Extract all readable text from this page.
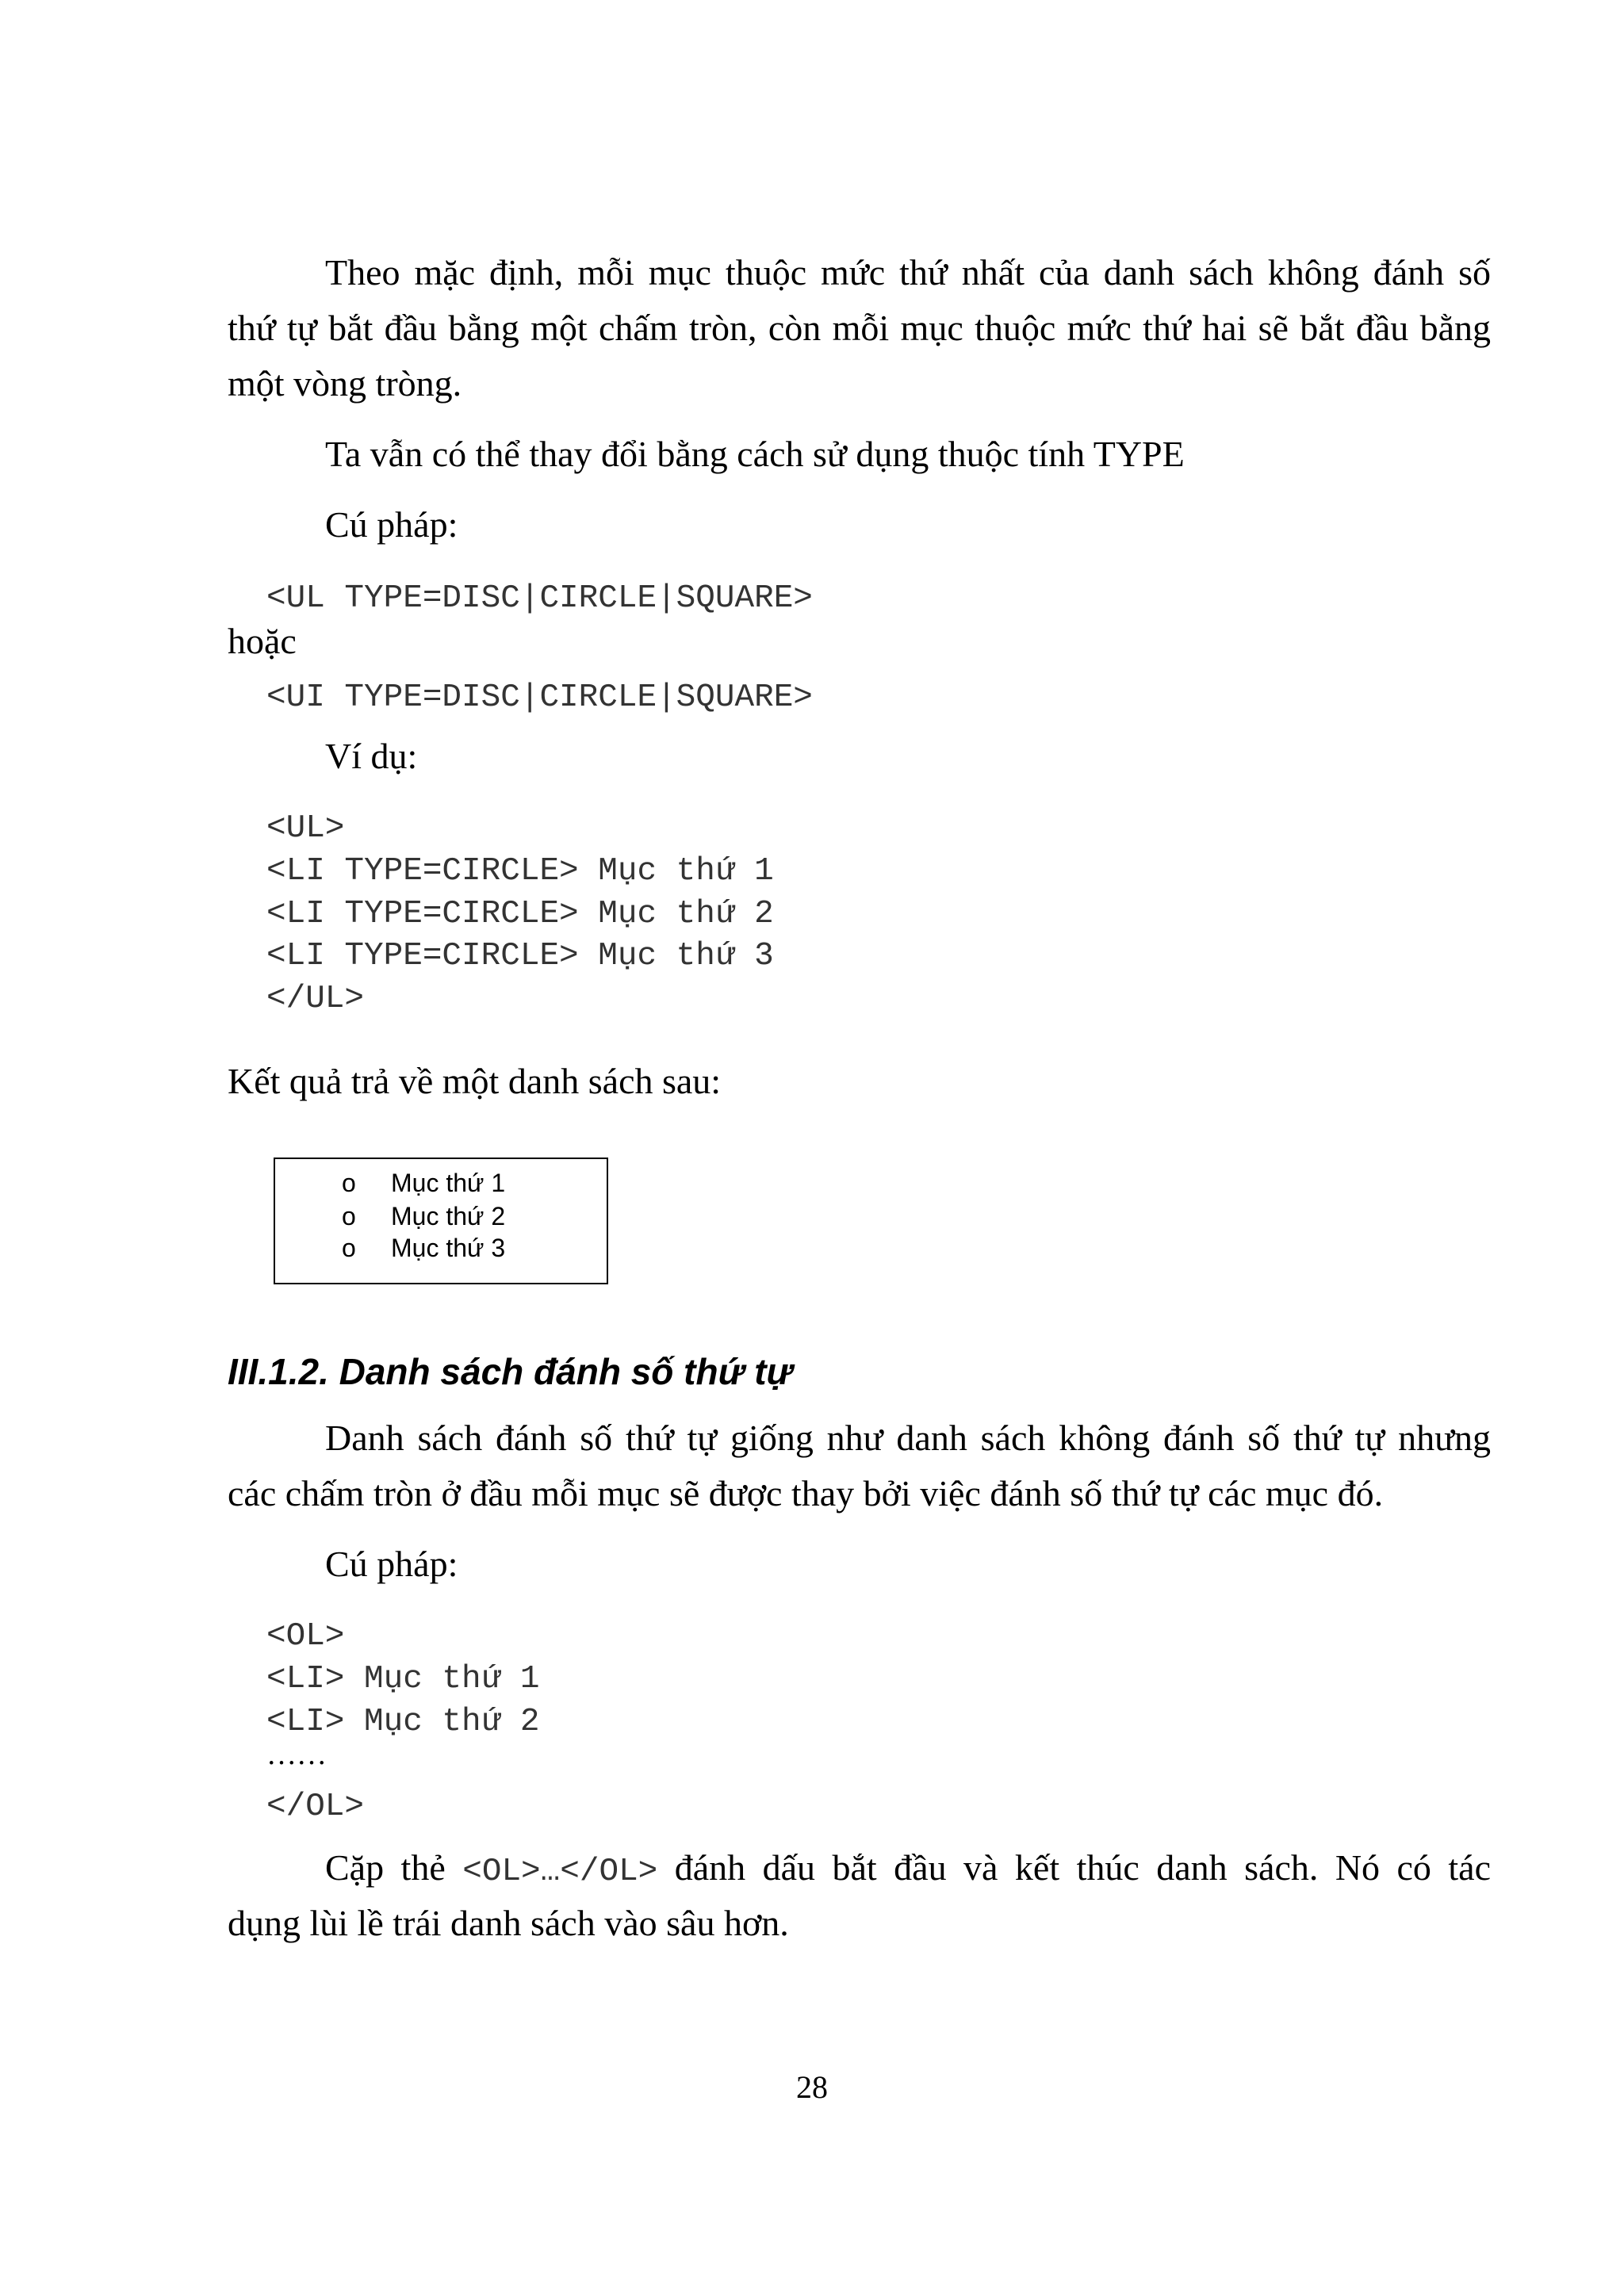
Theo mặc định, mỗi mục thuộc mức thứ nhất của danh sách không đánh số
thứ tự bắt đầu bằng một chấm tròn, còn mỗi mục thuộc mức thứ hai sẽ bắt đầu bằng
một vòng tròng.
Ta vẫn có thể thay đổi bằng cách sử dụng thuộc tính TYPE
Cú pháp:
<UL TYPE=DISC|CIRCLE|SQUARE>
hoặc
<UI TYPE=DISC|CIRCLE|SQUARE>
Ví dụ:
<UL>
<LI TYPE=CIRCLE> Mục thứ 1
<LI TYPE=CIRCLE> Mục thứ 2
<LI TYPE=CIRCLE> Mục thứ 3
</UL>
Kết quả trả về một danh sách sau:
o Mục thứ 1
o Mục thứ 2
o Mục thứ 3
III.1.2. Danh sách đánh số thứ tự
Danh sách đánh số thứ tự giống như danh sách không đánh số thứ tự nhưng
các chấm tròn ở đầu mỗi mục sẽ được thay bởi việc đánh số thứ tự các mục đó.
Cú pháp:
<OL>
<LI> Mục thứ 1
<LI> Mục thứ 2
……
</OL>
Cặp thẻ <OL>…</OL> đánh dấu bắt đầu và kết thúc danh sách. Nó có tác
dụng lùi lề trái danh sách vào sâu hơn.
28
